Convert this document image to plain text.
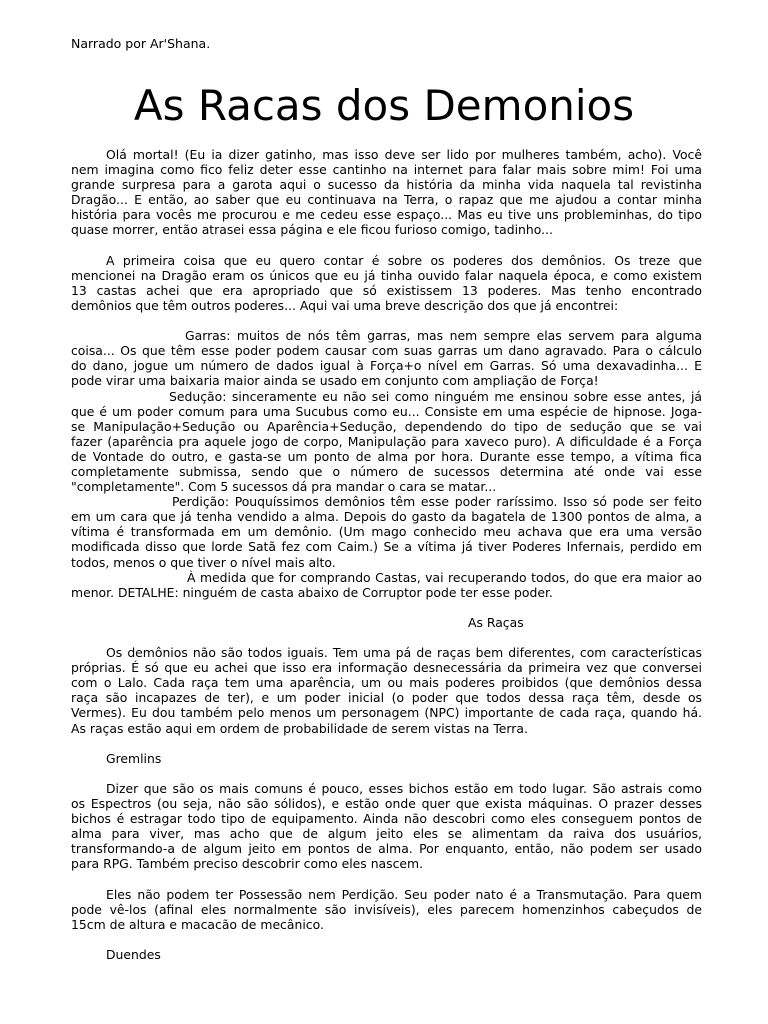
Narrado por Ar'Shana.
As Racas dos Demonios
Olá mortal! (Eu ia dizer gatinho, mas isso deve ser lido por mulheres também, acho). Você
nem imagina como fico feliz deter esse cantinho na internet para falar mais sobre mim! Foi uma
grande surpresa para a garota aqui o sucesso da história da minha vida naquela tal revistinha
Dragão... E então, ao saber que eu continuava na Terra, o rapaz que me ajudou a contar minha
história para vocês me procurou e me cedeu esse espaço... Mas eu tive uns probleminhas, do tipo
quase morrer, então atrasei essa página e ele ficou furioso comigo, tadinho...
A primeira coisa que eu quero contar é sobre os poderes dos demônios. Os treze que
mencionei na Dragão eram os únicos que eu já tinha ouvido falar naquela época, e como existem
13 castas achei que era apropriado que só existissem 13 poderes. Mas tenho encontrado
demônios que têm outros poderes... Aqui vai uma breve descrição dos que já encontrei:
Garras: muitos de nós têm garras, mas nem sempre elas servem para alguma
coisa... Os que têm esse poder podem causar com suas garras um dano agravado. Para o cálculo
do dano, jogue um número de dados igual à Força+o nível em Garras. Só uma dexavadinha... E
pode virar uma baixaria maior ainda se usado em conjunto com ampliação de Força!
Sedução: sinceramente eu não sei como ninguém me ensinou sobre esse antes, já
que é um poder comum para uma Sucubus como eu... Consiste em uma espécie de hipnose. Joga-
se Manipulação+Sedução ou Aparência+Sedução, dependendo do tipo de sedução que se vai
fazer (aparência pra aquele jogo de corpo, Manipulação para xaveco puro). A dificuldade é a Força
de Vontade do outro, e gasta-se um ponto de alma por hora. Durante esse tempo, a vítima fica
completamente submissa, sendo que o número de sucessos determina até onde vai esse
"completamente". Com 5 sucessos dá pra mandar o cara se matar...
Perdição: Pouquíssimos demônios têm esse poder raríssimo. Isso só pode ser feito
em um cara que já tenha vendido a alma. Depois do gasto da bagatela de 1300 pontos de alma, a
vítima é transformada em um demônio. (Um mago conhecido meu achava que era uma versão
modificada disso que lorde Satã fez com Caim.) Se a vítima já tiver Poderes Infernais, perdido em
todos, menos o que tiver o nível mais alto.
À medida que for comprando Castas, vai recuperando todos, do que era maior ao
menor. DETALHE: ninguém de casta abaixo de Corruptor pode ter esse poder.
As Raças
Os demônios não são todos iguais. Tem uma pá de raças bem diferentes, com características
próprias. É só que eu achei que isso era informação desnecessária da primeira vez que conversei
com o Lalo. Cada raça tem uma aparência, um ou mais poderes proibidos (que demônios dessa
raça são incapazes de ter), e um poder inicial (o poder que todos dessa raça têm, desde os
Vermes). Eu dou também pelo menos um personagem (NPC) importante de cada raça, quando há.
As raças estão aqui em ordem de probabilidade de serem vistas na Terra.
Gremlins
Dizer que são os mais comuns é pouco, esses bichos estão em todo lugar. São astrais como
os Espectros (ou seja, não são sólidos), e estão onde quer que exista máquinas. O prazer desses
bichos é estragar todo tipo de equipamento. Ainda não descobri como eles conseguem pontos de
alma para viver, mas acho que de algum jeito eles se alimentam da raiva dos usuários,
transformando-a de algum jeito em pontos de alma. Por enquanto, então, não podem ser usado
para RPG. Também preciso descobrir como eles nascem.
Eles não podem ter Possessão nem Perdição. Seu poder nato é a Transmutação. Para quem
pode vê-los (afinal eles normalmente são invisíveis), eles parecem homenzinhos cabeçudos de
15cm de altura e macacão de mecânico.
Duendes
